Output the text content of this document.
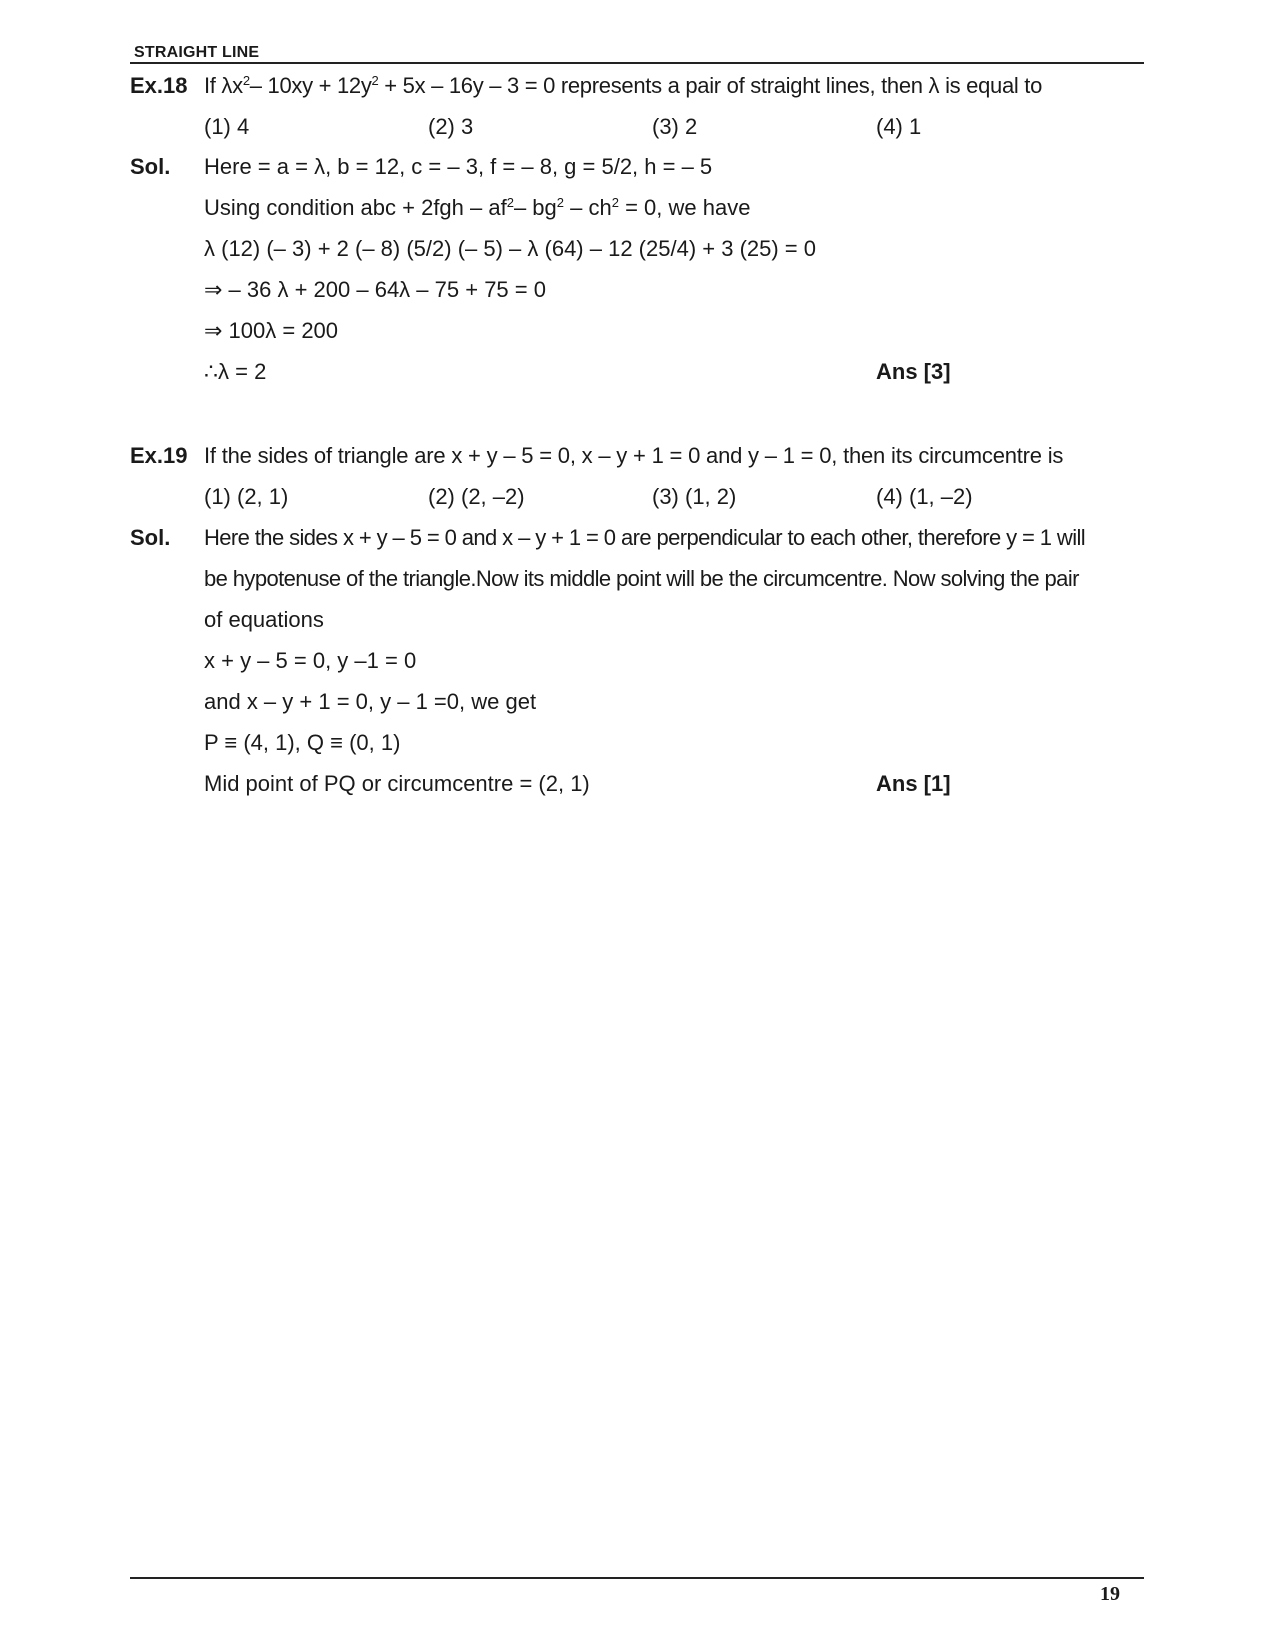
STRAIGHT LINE
Ex.18 If $\lambda x^2-$ $10xy + 12y^2 + 5x - 16y - 3 = 0$ represents a pair of straight lines, then λ is equal to
(1) 4	(2) 3	(3) 2	(4) 1
Sol. Here = a = λ, b = 12, c = – 3, f = – 8, g = 5/2, h = – 5
Using condition abc + $2fgh - af^2-$ $bg^2 - ch^2 = 0$, we have
λ (12) (– 3) + 2 (– 8) (5/2) (– 5) – λ (64) – 12 (25/4) + 3 (25) = 0
⇒ – 36 λ + 200 – 64λ – 75 + 75 = 0
⇒ 100λ = 200
∴λ = 2	Ans [3]
Ex.19 If the sides of triangle are x + y – 5 = 0, x – y + 1 = 0 and y – 1 = 0, then its circumcentre is
(1) (2, 1)	(2) (2, –2)	(3) (1, 2)	(4) (1, –2)
Sol. Here the sides x + y – 5 = 0 and x – y + 1 = 0 are perpendicular to each other, therefore y = 1 will
be hypotenuse of the triangle.Now its middle point will be the circumcentre. Now solving the pair
of equations
x + y – 5 = 0, y –1 = 0
and x – y + 1 = 0, y – 1 =0, we get
P ≡ (4, 1), Q ≡ (0, 1)
Mid point of PQ or circumcentre = (2, 1)	Ans [1]
19
